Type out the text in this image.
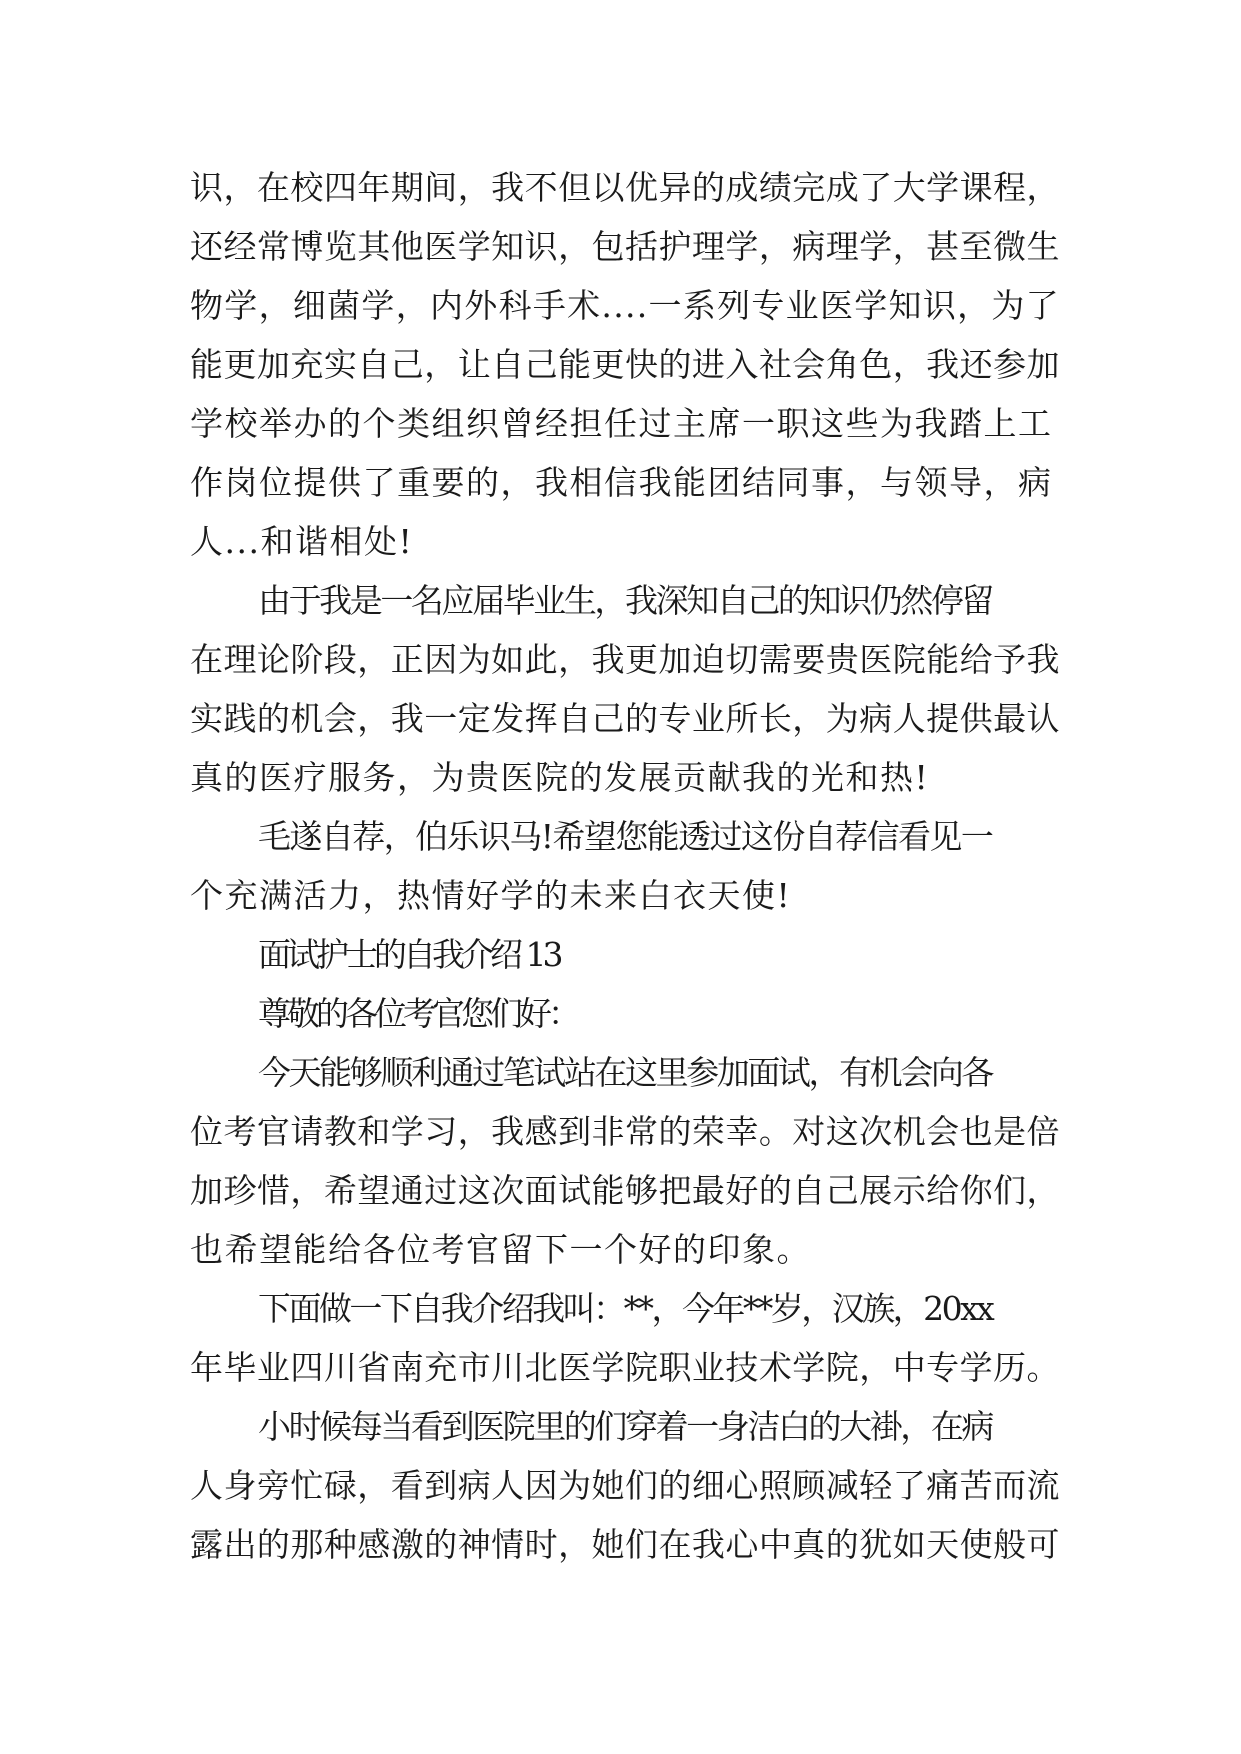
识，在校四年期间，我不但以优异的成绩完成了大学课程，
还经常博览其他医学知识，包括护理学，病理学，甚至微生
物学，细菌学，内外科手术....一系列专业医学知识，为了
能更加充实自己，让自己能更快的进入社会角色，我还参加
学校举办的个类组织曾经担任过主席一职这些为我踏上工
作岗位提供了重要的，我相信我能团结同事，与领导，病
人...和谐相处!
由于我是一名应届毕业生，我深知自己的知识仍然停留
在理论阶段，正因为如此，我更加迫切需要贵医院能给予我
实践的机会，我一定发挥自己的专业所长，为病人提供最认
真的医疗服务，为贵医院的发展贡献我的光和热!
毛遂自荐，伯乐识马!希望您能透过这份自荐信看见一
个充满活力，热情好学的未来白衣天使!
面试护士的自我介绍 13
尊敬的各位考官您们好：
今天能够顺利通过笔试站在这里参加面试，有机会向各
位考官请教和学习，我感到非常的荣幸。对这次机会也是倍
加珍惜，希望通过这次面试能够把最好的自己展示给你们，
也希望能给各位考官留下一个好的印象。
下面做一下自我介绍我叫：**，今年**岁，汉族，20xx
年毕业四川省南充市川北医学院职业技术学院，中专学历。
小时候每当看到医院里的们穿着一身洁白的大褂，在病
人身旁忙碌，看到病人因为她们的细心照顾减轻了痛苦而流
露出的那种感激的神情时，她们在我心中真的犹如天使般可
